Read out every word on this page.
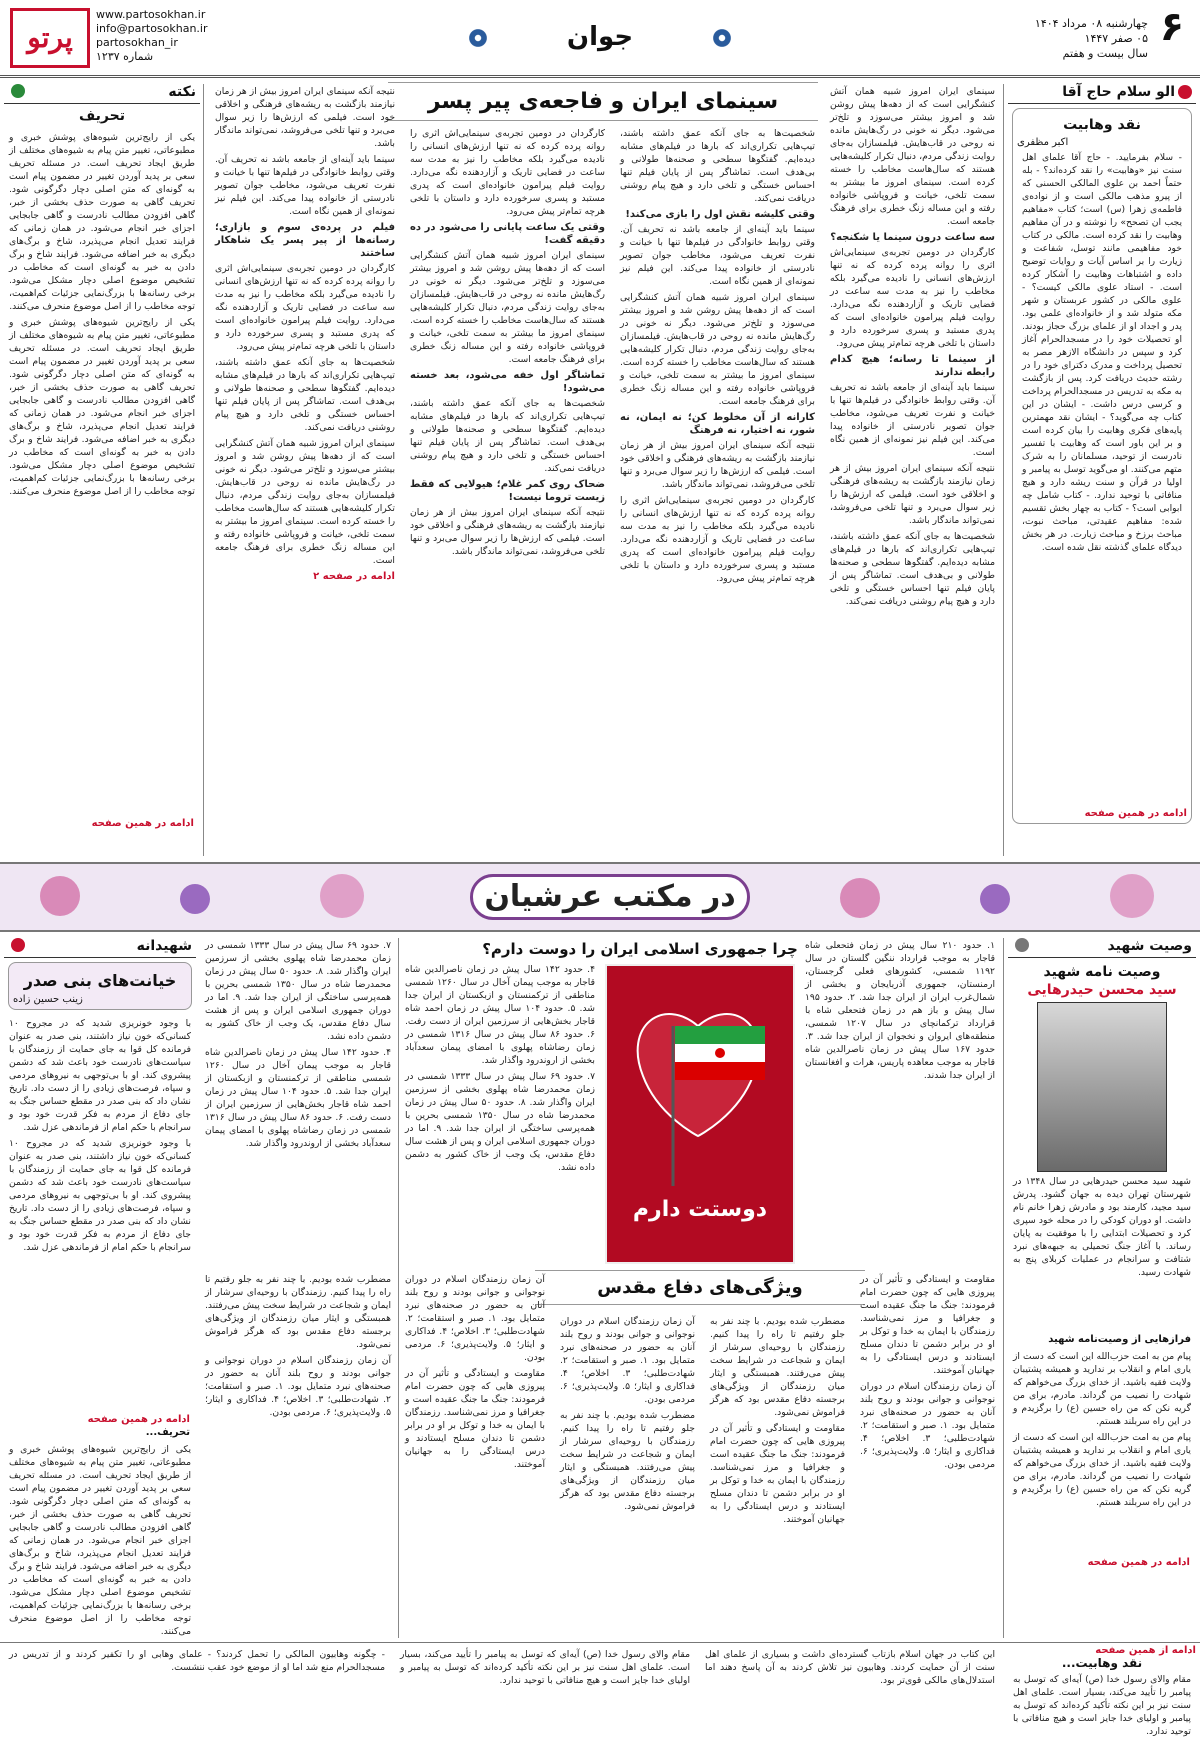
۶
چهارشنبه ۰۸ مرداد ۱۴۰۴
۰۵ صفر ۱۴۴۷
سال بیست و هفتم
جوان
پرتو
www.partosokhan.ir
info@partosokhan.ir
partosokhan_ir
شماره ۱۲۳۷
الو سلام حاج آقا
نقد وهابیت
اکبر مظفری
- سلام بفرمایید. - حاج آقا علمای اهل سنت نیز «وهابیت» را نقد کرده‌اند؟ - بله حتماً احمد بن علوی المالکی الحسنی که از پیرو مذهب مالکی است و از نواده‌ی فاطمه‌ی زهرا (س) است؛ کتاب «مفاهیم یجب ان تصحح» را نوشته و در آن مفاهیم وهابیت را نقد کرده است. مالکی در کتاب خود مفاهیمی مانند توسل، شفاعت و زیارت را بر اساس آیات و روایات توضیح داده و اشتباهات وهابیت را آشکار کرده است. - استاد علوی مالکی کیست؟ - علوی مالکی در کشور عربستان و شهر مکه متولد شد و از خانواده‌ای علمی بود. پدر و اجداد او از علمای بزرگ حجاز بودند. او تحصیلات خود را در مسجدالحرام آغاز کرد و سپس در دانشگاه الازهر مصر به تحصیل پرداخت و مدرک دکترای خود را در رشته حدیث دریافت کرد. پس از بازگشت به مکه به تدریس در مسجدالحرام پرداخت و کرسی درس داشت. - ایشان در این کتاب چه می‌گوید؟ - ایشان نقد مهمترین پایه‌های فکری وهابیت را بیان کرده است و بر این باور است که وهابیت با تفسیر نادرست از توحید، مسلمانان را به شرک متهم می‌کنند. او می‌گوید توسل به پیامبر و اولیا در قرآن و سنت ریشه دارد و هیچ منافاتی با توحید ندارد. - کتاب شامل چه ابوابی است؟ - کتاب به چهار بخش تقسیم شده: مفاهیم عقیدتی، مباحث نبوت، مباحث برزخ و مباحث زیارت. در هر بخش دیدگاه علمای گذشته نقل شده است.
ادامه در همین صفحه
سینمای ایران و فاجعه‌ی پیر پسر	سینمای ایران امروز شبیه همان آتش کنشگرایی است که از دهه‌ها پیش روشن شد و امروز بیشتر می‌سوزد و تلخ‌تر می‌شود. دیگر نه خونی در رگ‌هایش مانده نه روحی در قاب‌هایش. فیلمسازان به‌جای روایت زندگی مردم، دنبال تکرار کلیشه‌هایی هستند که سال‌هاست مخاطب را خسته کرده است. سینمای امروز ما بیشتر به سمت تلخی، خیانت و فروپاشی خانواده رفته و این مساله زنگ خطری برای فرهنگ جامعه است.

سه ساعت درون سینما یا شکنجه؟

کارگردان در دومین تجربه‌ی سینمایی‌اش اثری را روانه پرده کرده که نه تنها ارزش‌های انسانی را نادیده می‌گیرد بلکه مخاطب را نیز به مدت سه ساعت در فضایی تاریک و آزاردهنده نگه می‌دارد. روایت فیلم پیرامون خانواده‌ای است که پدری مستبد و پسری سرخورده دارد و داستان با تلخی هرچه تمام‌تر پیش می‌رود.

از سینما تا رسانه؛ هیچ کدام رابطه ندارند

سینما باید آینه‌ای از جامعه باشد نه تحریف آن. وقتی روابط خانوادگی در فیلم‌ها تنها با خیانت و نفرت تعریف می‌شود، مخاطب جوان تصویر نادرستی از خانواده پیدا می‌کند. این فیلم نیز نمونه‌ای از همین نگاه است.

نتیجه آنکه سینمای ایران امروز بیش از هر زمان نیازمند بازگشت به ریشه‌های فرهنگی و اخلاقی خود است. فیلمی که ارزش‌ها را زیر سوال می‌برد و تنها تلخی می‌فروشد، نمی‌تواند ماندگار باشد.

شخصیت‌ها به جای آنکه عمق داشته باشند، تیپ‌هایی تکراری‌اند که بارها در فیلم‌های مشابه دیده‌ایم. گفتگوها سطحی و صحنه‌ها طولانی و بی‌هدف است. تماشاگر پس از پایان فیلم تنها احساس خستگی و تلخی دارد و هیچ پیام روشنی دریافت نمی‌کند.

شخصیت‌ها به جای آنکه عمق داشته باشند، تیپ‌هایی تکراری‌اند که بارها در فیلم‌های مشابه دیده‌ایم. گفتگوها سطحی و صحنه‌ها طولانی و بی‌هدف است. تماشاگر پس از پایان فیلم تنها احساس خستگی و تلخی دارد و هیچ پیام روشنی دریافت نمی‌کند.

وقتی کلیشه نقش اول را بازی می‌کند!

سینما باید آینه‌ای از جامعه باشد نه تحریف آن. وقتی روابط خانوادگی در فیلم‌ها تنها با خیانت و نفرت تعریف می‌شود، مخاطب جوان تصویر نادرستی از خانواده پیدا می‌کند. این فیلم نیز نمونه‌ای از همین نگاه است.

سینمای ایران امروز شبیه همان آتش کنشگرایی است که از دهه‌ها پیش روشن شد و امروز بیشتر می‌سوزد و تلخ‌تر می‌شود. دیگر نه خونی در رگ‌هایش مانده نه روحی در قاب‌هایش. فیلمسازان به‌جای روایت زندگی مردم، دنبال تکرار کلیشه‌هایی هستند که سال‌هاست مخاطب را خسته کرده است. سینمای امروز ما بیشتر به سمت تلخی، خیانت و فروپاشی خانواده رفته و این مساله زنگ خطری برای فرهنگ جامعه است.

کارانه از آن مخلوط کن؛ نه ایمان، نه شور، نه اختیار، نه فرهنگ

نتیجه آنکه سینمای ایران امروز بیش از هر زمان نیازمند بازگشت به ریشه‌های فرهنگی و اخلاقی خود است. فیلمی که ارزش‌ها را زیر سوال می‌برد و تنها تلخی می‌فروشد، نمی‌تواند ماندگار باشد.

کارگردان در دومین تجربه‌ی سینمایی‌اش اثری را روانه پرده کرده که نه تنها ارزش‌های انسانی را نادیده می‌گیرد بلکه مخاطب را نیز به مدت سه ساعت در فضایی تاریک و آزاردهنده نگه می‌دارد. روایت فیلم پیرامون خانواده‌ای است که پدری مستبد و پسری سرخورده دارد و داستان با تلخی هرچه تمام‌تر پیش می‌رود.

کارگردان در دومین تجربه‌ی سینمایی‌اش اثری را روانه پرده کرده که نه تنها ارزش‌های انسانی را نادیده می‌گیرد بلکه مخاطب را نیز به مدت سه ساعت در فضایی تاریک و آزاردهنده نگه می‌دارد. روایت فیلم پیرامون خانواده‌ای است که پدری مستبد و پسری سرخورده دارد و داستان با تلخی هرچه تمام‌تر پیش می‌رود.

وقتی یک ساعت پایانی را می‌شود در ده دقیقه گفت!

سینمای ایران امروز شبیه همان آتش کنشگرایی است که از دهه‌ها پیش روشن شد و امروز بیشتر می‌سوزد و تلخ‌تر می‌شود. دیگر نه خونی در رگ‌هایش مانده نه روحی در قاب‌هایش. فیلمسازان به‌جای روایت زندگی مردم، دنبال تکرار کلیشه‌هایی هستند که سال‌هاست مخاطب را خسته کرده است. سینمای امروز ما بیشتر به سمت تلخی، خیانت و فروپاشی خانواده رفته و این مساله زنگ خطری برای فرهنگ جامعه است.

تماشاگر اول خفه می‌شود، بعد خسته می‌شود!

شخصیت‌ها به جای آنکه عمق داشته باشند، تیپ‌هایی تکراری‌اند که بارها در فیلم‌های مشابه دیده‌ایم. گفتگوها سطحی و صحنه‌ها طولانی و بی‌هدف است. تماشاگر پس از پایان فیلم تنها احساس خستگی و تلخی دارد و هیچ پیام روشنی دریافت نمی‌کند.

ضحاک روی کمر غلام؛ هیولایی که فقط زیست تروما نیست!

نتیجه آنکه سینمای ایران امروز بیش از هر زمان نیازمند بازگشت به ریشه‌های فرهنگی و اخلاقی خود است. فیلمی که ارزش‌ها را زیر سوال می‌برد و تنها تلخی می‌فروشد، نمی‌تواند ماندگار باشد.

نتیجه آنکه سینمای ایران امروز بیش از هر زمان نیازمند بازگشت به ریشه‌های فرهنگی و اخلاقی خود است. فیلمی که ارزش‌ها را زیر سوال می‌برد و تنها تلخی می‌فروشد، نمی‌تواند ماندگار باشد.

سینما باید آینه‌ای از جامعه باشد نه تحریف آن. وقتی روابط خانوادگی در فیلم‌ها تنها با خیانت و نفرت تعریف می‌شود، مخاطب جوان تصویر نادرستی از خانواده پیدا می‌کند. این فیلم نیز نمونه‌ای از همین نگاه است.

فیلم در پرده‌ی سوم و بازاری؛ رسانه‌ها از پیر پسر یک شاهکار ساختند

کارگردان در دومین تجربه‌ی سینمایی‌اش اثری را روانه پرده کرده که نه تنها ارزش‌های انسانی را نادیده می‌گیرد بلکه مخاطب را نیز به مدت سه ساعت در فضایی تاریک و آزاردهنده نگه می‌دارد. روایت فیلم پیرامون خانواده‌ای است که پدری مستبد و پسری سرخورده دارد و داستان با تلخی هرچه تمام‌تر پیش می‌رود.

شخصیت‌ها به جای آنکه عمق داشته باشند، تیپ‌هایی تکراری‌اند که بارها در فیلم‌های مشابه دیده‌ایم. گفتگوها سطحی و صحنه‌ها طولانی و بی‌هدف است. تماشاگر پس از پایان فیلم تنها احساس خستگی و تلخی دارد و هیچ پیام روشنی دریافت نمی‌کند.

سینمای ایران امروز شبیه همان آتش کنشگرایی است که از دهه‌ها پیش روشن شد و امروز بیشتر می‌سوزد و تلخ‌تر می‌شود. دیگر نه خونی در رگ‌هایش مانده نه روحی در قاب‌هایش. فیلمسازان به‌جای روایت زندگی مردم، دنبال تکرار کلیشه‌هایی هستند که سال‌هاست مخاطب را خسته کرده است. سینمای امروز ما بیشتر به سمت تلخی، خیانت و فروپاشی خانواده رفته و این مساله زنگ خطری برای فرهنگ جامعه است.

ادامه در صفحه ۲
نکته
تحریف

یکی از رایج‌ترین شیوه‌های پوشش خبری و مطبوعاتی، تغییر متن پیام به شیوه‌های مختلف از طریق ایجاد تحریف است. در مسئله تحریف سعی بر پدید آوردن تغییر در مضمون پیام است به گونه‌ای که متن اصلی دچار دگرگونی شود. تحریف گاهی به صورت حذف بخشی از خبر، گاهی افزودن مطالب نادرست و گاهی جابجایی اجزای خبر انجام می‌شود. در همان زمانی که فرایند تعدیل انجام می‌پذیرد، شاخ و برگ‌های دیگری به خبر اضافه می‌شود. فرایند شاخ و برگ دادن به خبر به گونه‌ای است که مخاطب در تشخیص موضوع اصلی دچار مشکل می‌شود. برخی رسانه‌ها با بزرگ‌نمایی جزئیات کم‌اهمیت، توجه مخاطب را از اصل موضوع منحرف می‌کنند.

یکی از رایج‌ترین شیوه‌های پوشش خبری و مطبوعاتی، تغییر متن پیام به شیوه‌های مختلف از طریق ایجاد تحریف است. در مسئله تحریف سعی بر پدید آوردن تغییر در مضمون پیام است به گونه‌ای که متن اصلی دچار دگرگونی شود. تحریف گاهی به صورت حذف بخشی از خبر، گاهی افزودن مطالب نادرست و گاهی جابجایی اجزای خبر انجام می‌شود. در همان زمانی که فرایند تعدیل انجام می‌پذیرد، شاخ و برگ‌های دیگری به خبر اضافه می‌شود. فرایند شاخ و برگ دادن به خبر به گونه‌ای است که مخاطب در تشخیص موضوع اصلی دچار مشکل می‌شود. برخی رسانه‌ها با بزرگ‌نمایی جزئیات کم‌اهمیت، توجه مخاطب را از اصل موضوع منحرف می‌کنند.

ادامه در همین صفحه
در مکتب عرشیان
وصیت شهید
وصیت نامه شهید
سید محسن حیدرهایی
شهید سید محسن حیدرهایی در سال ۱۳۴۸ در شهرستان تهران دیده به جهان گشود. پدرش سید مجید، کارمند بود و مادرش زهرا خانم نام داشت. او دوران کودکی را در محله خود سپری کرد و تحصیلات ابتدایی را با موفقیت به پایان رساند. با آغاز جنگ تحمیلی به جبهه‌های نبرد شتافت و سرانجام در عملیات کربلای پنج به شهادت رسید.
فرازهایی از وصیت‌نامه شهید

پیام من به امت حزب‌الله این است که دست از یاری امام و انقلاب بر ندارید و همیشه پشتیبان ولایت فقیه باشید. از خدای بزرگ می‌خواهم که شهادت را نصیب من گرداند. مادرم، برای من گریه نکن که من راه حسین (ع) را برگزیدم و در این راه سربلند هستم.

پیام من به امت حزب‌الله این است که دست از یاری امام و انقلاب بر ندارید و همیشه پشتیبان ولایت فقیه باشید. از خدای بزرگ می‌خواهم که شهادت را نصیب من گرداند. مادرم، برای من گریه نکن که من راه حسین (ع) را برگزیدم و در این راه سربلند هستم.

ادامه در همین صفحه
چرا جمهوری اسلامی ایران را دوست دارم؟ ۱. حدود ۲۱۰ سال پیش در زمان فتحعلی شاه قاجار به موجب قرارداد ننگین گلستان در سال ۱۱۹۲ شمسی، کشورهای فعلی گرجستان، ارمنستان، جمهوری آذربایجان و بخشی از شمال‌غرب ایران از ایران جدا شد. ۲. حدود ۱۹۵ سال پیش و باز هم در زمان فتحعلی شاه با قرارداد ترکمانچای در سال ۱۲۰۷ شمسی، منطقه‌های ایروان و نخجوان از ایران جدا شد. ۳. حدود ۱۶۷ سال پیش در زمان ناصرالدین شاه قاجار به موجب معاهده پاریس، هرات و افغانستان از ایران جدا شدند.
دوستت دارم

۴. حدود ۱۴۲ سال پیش در زمان ناصرالدین شاه قاجار به موجب پیمان آخال در سال ۱۲۶۰ شمسی مناطقی از ترکمنستان و ازبکستان از ایران جدا شد. ۵. حدود ۱۰۴ سال پیش در زمان احمد شاه قاجار بخش‌هایی از سرزمین ایران از دست رفت. ۶. حدود ۸۶ سال پیش در سال ۱۳۱۶ شمسی در زمان رضاشاه پهلوی با امضای پیمان سعدآباد بخشی از اروندرود واگذار شد.

۷. حدود ۶۹ سال پیش در سال ۱۳۳۳ شمسی در زمان محمدرضا شاه پهلوی بخشی از سرزمین ایران واگذار شد. ۸. حدود ۵۰ سال پیش در زمان محمدرضا شاه در سال ۱۳۵۰ شمسی بحرین با همه‌پرسی ساختگی از ایران جدا شد. ۹. اما در دوران جمهوری اسلامی ایران و پس از هشت سال دفاع مقدس، یک وجب از خاک کشور به دشمن داده نشد.

ویژگی‌های دفاع مقدس	مقاومت و ایستادگی و تأثیر آن در پیروزی هایی که چون حضرت امام فرمودند: جنگ ما جنگ عقیده است و جغرافیا و مرز نمی‌شناسد. رزمندگان با ایمان به خدا و توکل بر او در برابر دشمن تا دندان مسلح ایستادند و درس ایستادگی را به جهانیان آموختند.

آن زمان رزمندگان اسلام در دوران نوجوانی و جوانی بودند و روح بلند آنان به حضور در صحنه‌های نبرد متمایل بود. ۱. صبر و استقامت؛ ۲. شهادت‌طلبی؛ ۳. اخلاص؛ ۴. فداکاری و ایثار؛ ۵. ولایت‌پذیری؛ ۶. مردمی بودن.

مضطرب شده بودیم. با چند نفر به جلو رفتیم تا راه را پیدا کنیم. رزمندگان با روحیه‌ای سرشار از ایمان و شجاعت در شرایط سخت پیش می‌رفتند. همبستگی و ایثار میان رزمندگان از ویژگی‌های برجسته دفاع مقدس بود که هرگز فراموش نمی‌شود.

مقاومت و ایستادگی و تأثیر آن در پیروزی هایی که چون حضرت امام فرمودند: جنگ ما جنگ عقیده است و جغرافیا و مرز نمی‌شناسد. رزمندگان با ایمان به خدا و توکل بر او در برابر دشمن تا دندان مسلح ایستادند و درس ایستادگی را به جهانیان آموختند.

آن زمان رزمندگان اسلام در دوران نوجوانی و جوانی بودند و روح بلند آنان به حضور در صحنه‌های نبرد متمایل بود. ۱. صبر و استقامت؛ ۲. شهادت‌طلبی؛ ۳. اخلاص؛ ۴. فداکاری و ایثار؛ ۵. ولایت‌پذیری؛ ۶. مردمی بودن.

مضطرب شده بودیم. با چند نفر به جلو رفتیم تا راه را پیدا کنیم. رزمندگان با روحیه‌ای سرشار از ایمان و شجاعت در شرایط سخت پیش می‌رفتند. همبستگی و ایثار میان رزمندگان از ویژگی‌های برجسته دفاع مقدس بود که هرگز فراموش نمی‌شود.

آن زمان رزمندگان اسلام در دوران نوجوانی و جوانی بودند و روح بلند آنان به حضور در صحنه‌های نبرد متمایل بود. ۱. صبر و استقامت؛ ۲. شهادت‌طلبی؛ ۳. اخلاص؛ ۴. فداکاری و ایثار؛ ۵. ولایت‌پذیری؛ ۶. مردمی بودن.

مقاومت و ایستادگی و تأثیر آن در پیروزی هایی که چون حضرت امام فرمودند: جنگ ما جنگ عقیده است و جغرافیا و مرز نمی‌شناسد. رزمندگان با ایمان به خدا و توکل بر او در برابر دشمن تا دندان مسلح ایستادند و درس ایستادگی را به جهانیان آموختند.

۷. حدود ۶۹ سال پیش در سال ۱۳۳۳ شمسی در زمان محمدرضا شاه پهلوی بخشی از سرزمین ایران واگذار شد. ۸. حدود ۵۰ سال پیش در زمان محمدرضا شاه در سال ۱۳۵۰ شمسی بحرین با همه‌پرسی ساختگی از ایران جدا شد. ۹. اما در دوران جمهوری اسلامی ایران و پس از هشت سال دفاع مقدس، یک وجب از خاک کشور به دشمن داده نشد.

۴. حدود ۱۴۲ سال پیش در زمان ناصرالدین شاه قاجار به موجب پیمان آخال در سال ۱۲۶۰ شمسی مناطقی از ترکمنستان و ازبکستان از ایران جدا شد. ۵. حدود ۱۰۴ سال پیش در زمان احمد شاه قاجار بخش‌هایی از سرزمین ایران از دست رفت. ۶. حدود ۸۶ سال پیش در سال ۱۳۱۶ شمسی در زمان رضاشاه پهلوی با امضای پیمان سعدآباد بخشی از اروندرود واگذار شد.

مضطرب شده بودیم. با چند نفر به جلو رفتیم تا راه را پیدا کنیم. رزمندگان با روحیه‌ای سرشار از ایمان و شجاعت در شرایط سخت پیش می‌رفتند. همبستگی و ایثار میان رزمندگان از ویژگی‌های برجسته دفاع مقدس بود که هرگز فراموش نمی‌شود.

آن زمان رزمندگان اسلام در دوران نوجوانی و جوانی بودند و روح بلند آنان به حضور در صحنه‌های نبرد متمایل بود. ۱. صبر و استقامت؛ ۲. شهادت‌طلبی؛ ۳. اخلاص؛ ۴. فداکاری و ایثار؛ ۵. ولایت‌پذیری؛ ۶. مردمی بودن.

شهیدانه
خیانت‌های بنی صدر
زینب حسین زاده

با وجود خونریزی شدید که در مجروح ۱۰ کسانی‌که خون نیاز داشتند، بنی صدر به عنوان فرمانده کل قوا به جای حمایت از رزمندگان با سیاست‌های نادرست خود باعث شد که دشمن پیشروی کند. او با بی‌توجهی به نیروهای مردمی و سپاه، فرصت‌های زیادی را از دست داد. تاریخ نشان داد که بنی صدر در مقطع حساس جنگ به جای دفاع از مردم به فکر قدرت خود بود و سرانجام با حکم امام از فرماندهی عزل شد.

با وجود خونریزی شدید که در مجروح ۱۰ کسانی‌که خون نیاز داشتند، بنی صدر به عنوان فرمانده کل قوا به جای حمایت از رزمندگان با سیاست‌های نادرست خود باعث شد که دشمن پیشروی کند. او با بی‌توجهی به نیروهای مردمی و سپاه، فرصت‌های زیادی را از دست داد. تاریخ نشان داد که بنی صدر در مقطع حساس جنگ به جای دفاع از مردم به فکر قدرت خود بود و سرانجام با حکم امام از فرماندهی عزل شد.

ادامه در همین صفحه
تحریف...
یکی از رایج‌ترین شیوه‌های پوشش خبری و مطبوعاتی، تغییر متن پیام به شیوه‌های مختلف از طریق ایجاد تحریف است. در مسئله تحریف سعی بر پدید آوردن تغییر در مضمون پیام است به گونه‌ای که متن اصلی دچار دگرگونی شود. تحریف گاهی به صورت حذف بخشی از خبر، گاهی افزودن مطالب نادرست و گاهی جابجایی اجزای خبر انجام می‌شود. در همان زمانی که فرایند تعدیل انجام می‌پذیرد، شاخ و برگ‌های دیگری به خبر اضافه می‌شود. فرایند شاخ و برگ دادن به خبر به گونه‌ای است که مخاطب در تشخیص موضوع اصلی دچار مشکل می‌شود. برخی رسانه‌ها با بزرگ‌نمایی جزئیات کم‌اهمیت، توجه مخاطب را از اصل موضوع منحرف می‌کنند.
ادامه از همین صفحه
نقد وهابیت...
مقام والای رسول خدا (ص) آیه‌ای که توسل به پیامبر را تأیید می‌کند، بسیار است. علمای اهل سنت نیز بر این نکته تأکید کرده‌اند که توسل به پیامبر و اولیای خدا جایز است و هیچ منافاتی با توحید ندارد.
این کتاب در جهان اسلام بازتاب گسترده‌ای داشت و بسیاری از علمای اهل سنت از آن حمایت کردند. وهابیون نیز تلاش کردند به آن پاسخ دهند اما استدلال‌های مالکی قوی‌تر بود.
مقام والای رسول خدا (ص) آیه‌ای که توسل به پیامبر را تأیید می‌کند، بسیار است. علمای اهل سنت نیز بر این نکته تأکید کرده‌اند که توسل به پیامبر و اولیای خدا جایز است و هیچ منافاتی با توحید ندارد.
- چگونه وهابیون المالکی را تحمل کردند؟ - علمای وهابی او را تکفیر کردند و از تدریس در مسجدالحرام منع شد اما او از موضع خود عقب ننشست.
